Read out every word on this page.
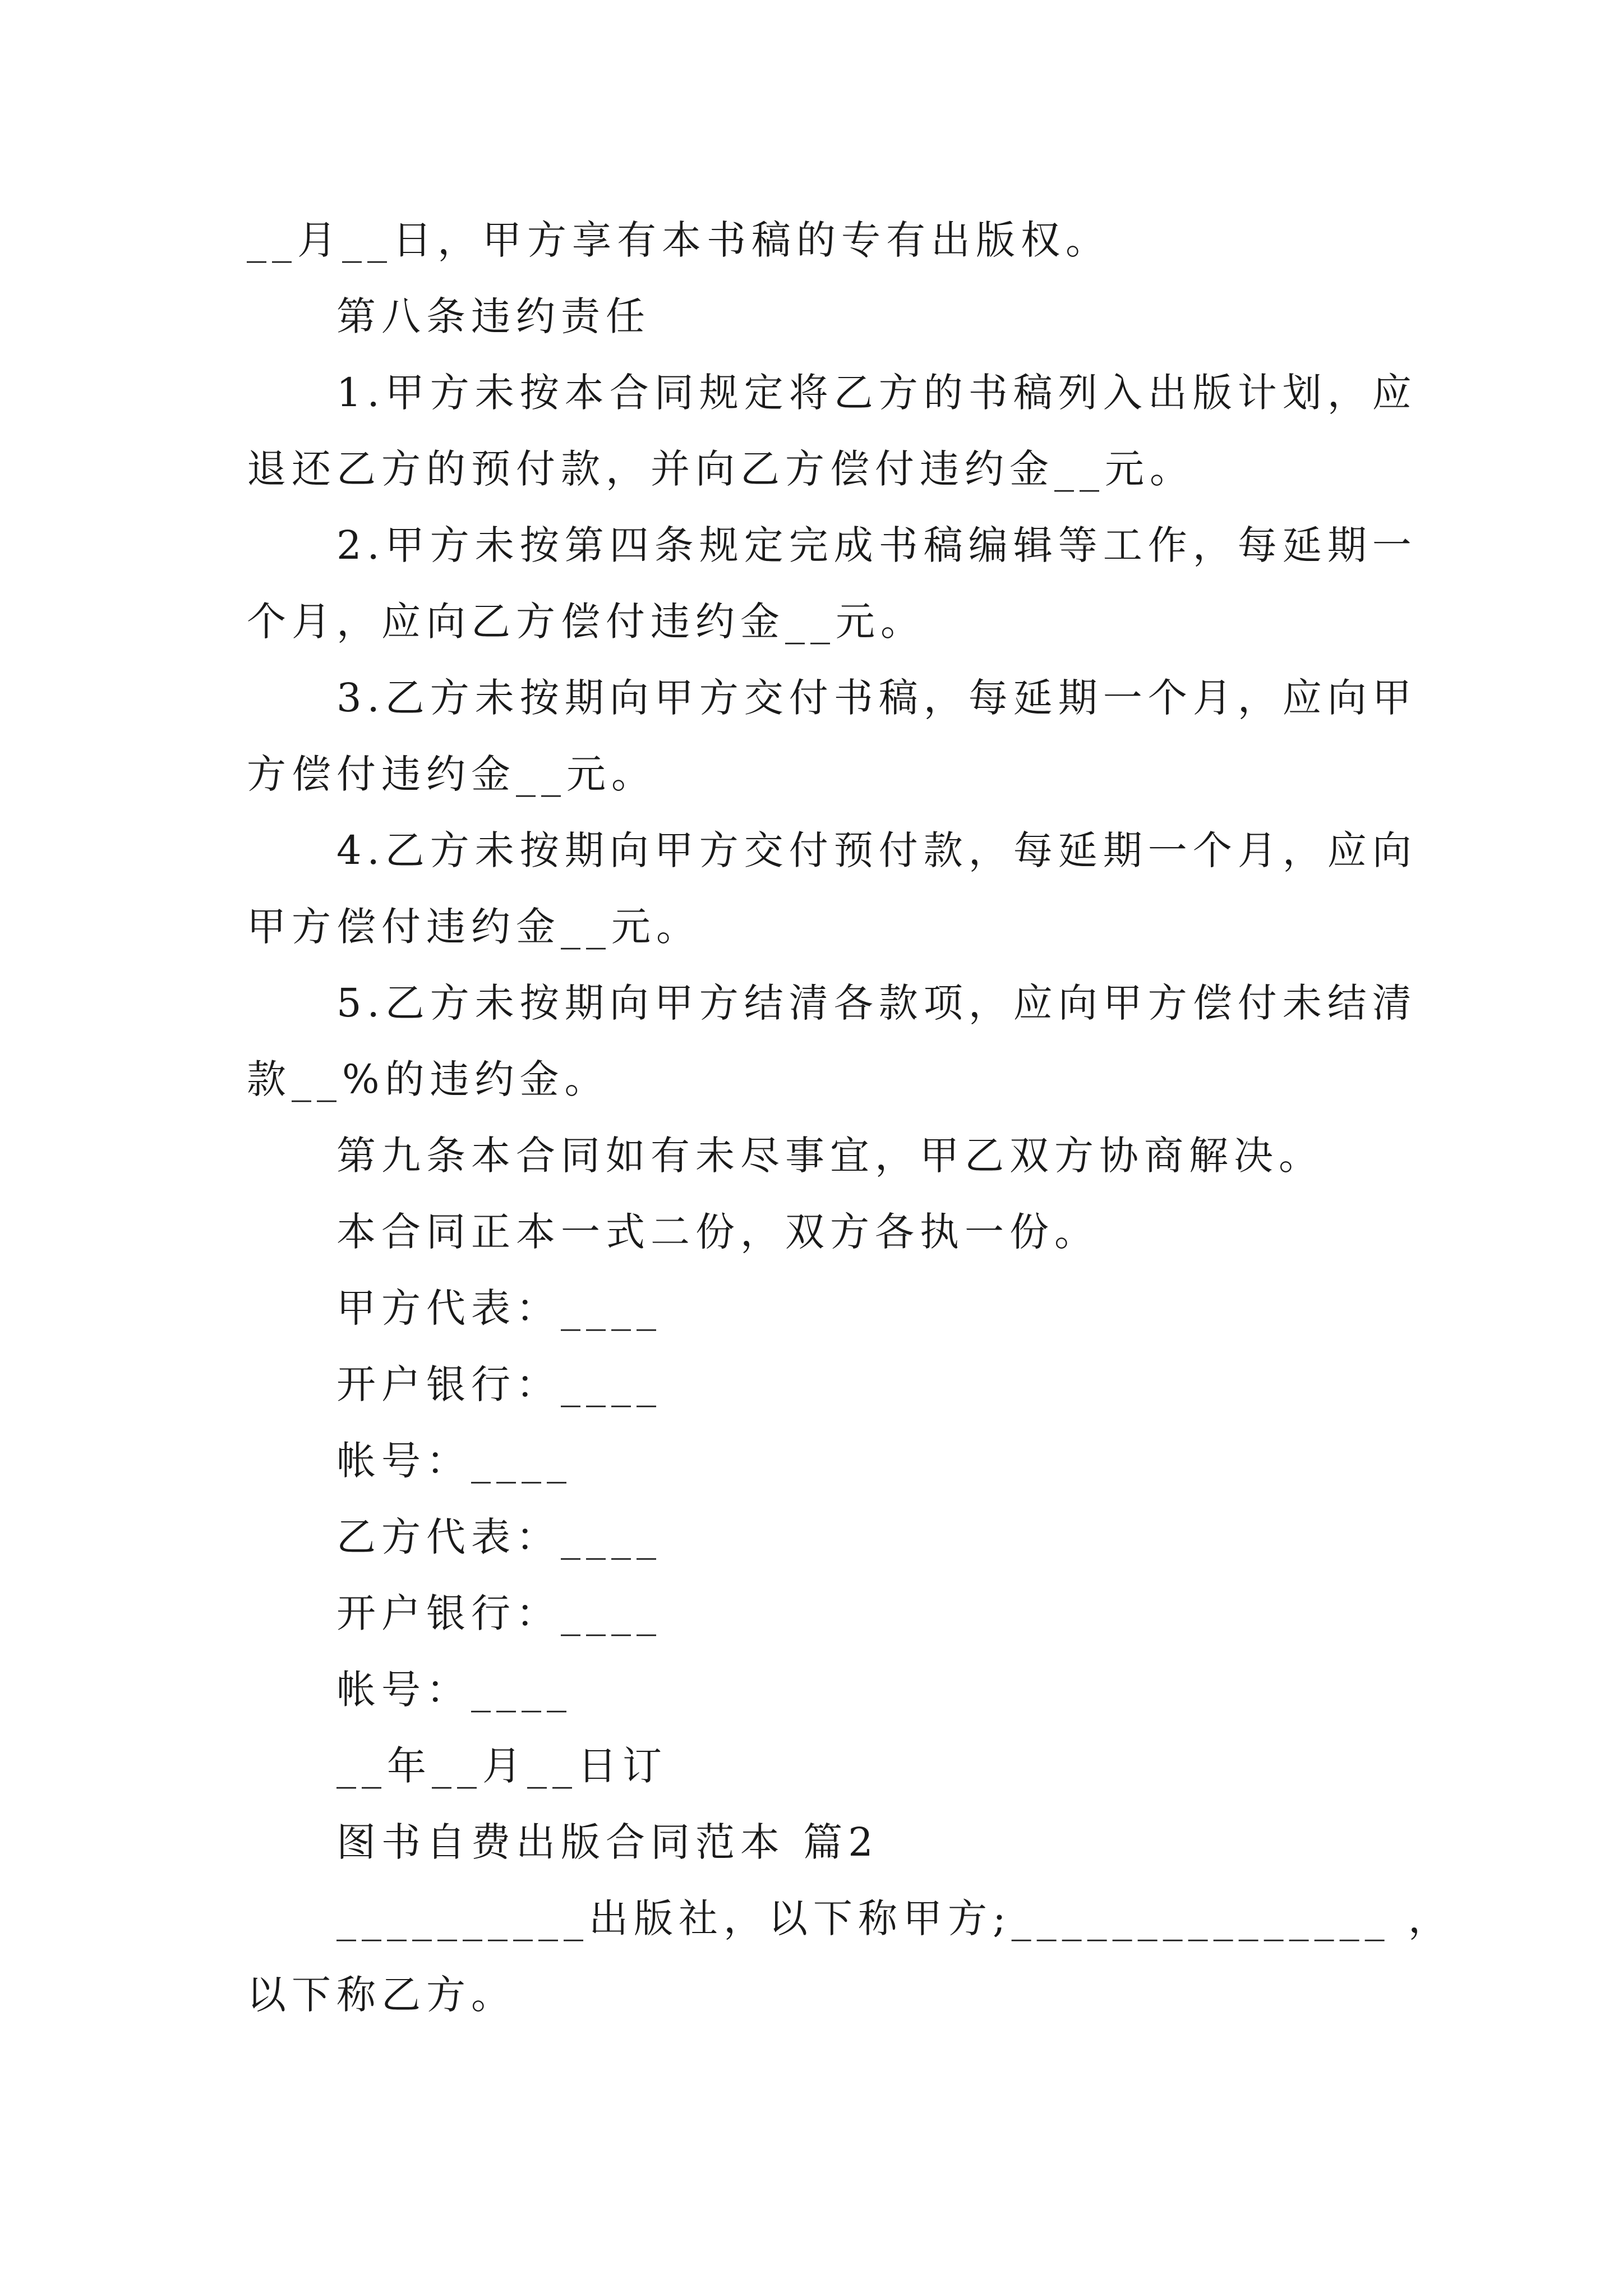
__月__日，甲方享有本书稿的专有出版权。
第八条违约责任
1.甲方未按本合同规定将乙方的书稿列入出版计划，应
退还乙方的预付款，并向乙方偿付违约金__元。
2.甲方未按第四条规定完成书稿编辑等工作，每延期一
个月，应向乙方偿付违约金__元。
3.乙方未按期向甲方交付书稿，每延期一个月，应向甲
方偿付违约金__元。
4.乙方未按期向甲方交付预付款，每延期一个月，应向
甲方偿付违约金__元。
5.乙方未按期向甲方结清各款项，应向甲方偿付未结清
款__%的违约金。
第九条本合同如有未尽事宜，甲乙双方协商解决。
本合同正本一式二份，双方各执一份。
甲方代表：____
开户银行：____
帐号：____
乙方代表：____
开户银行：____
帐号：____
__年__月__日订
图书自费出版合同范本 篇2
__________出版社，以下称甲方;_______________ ，
以下称乙方。
